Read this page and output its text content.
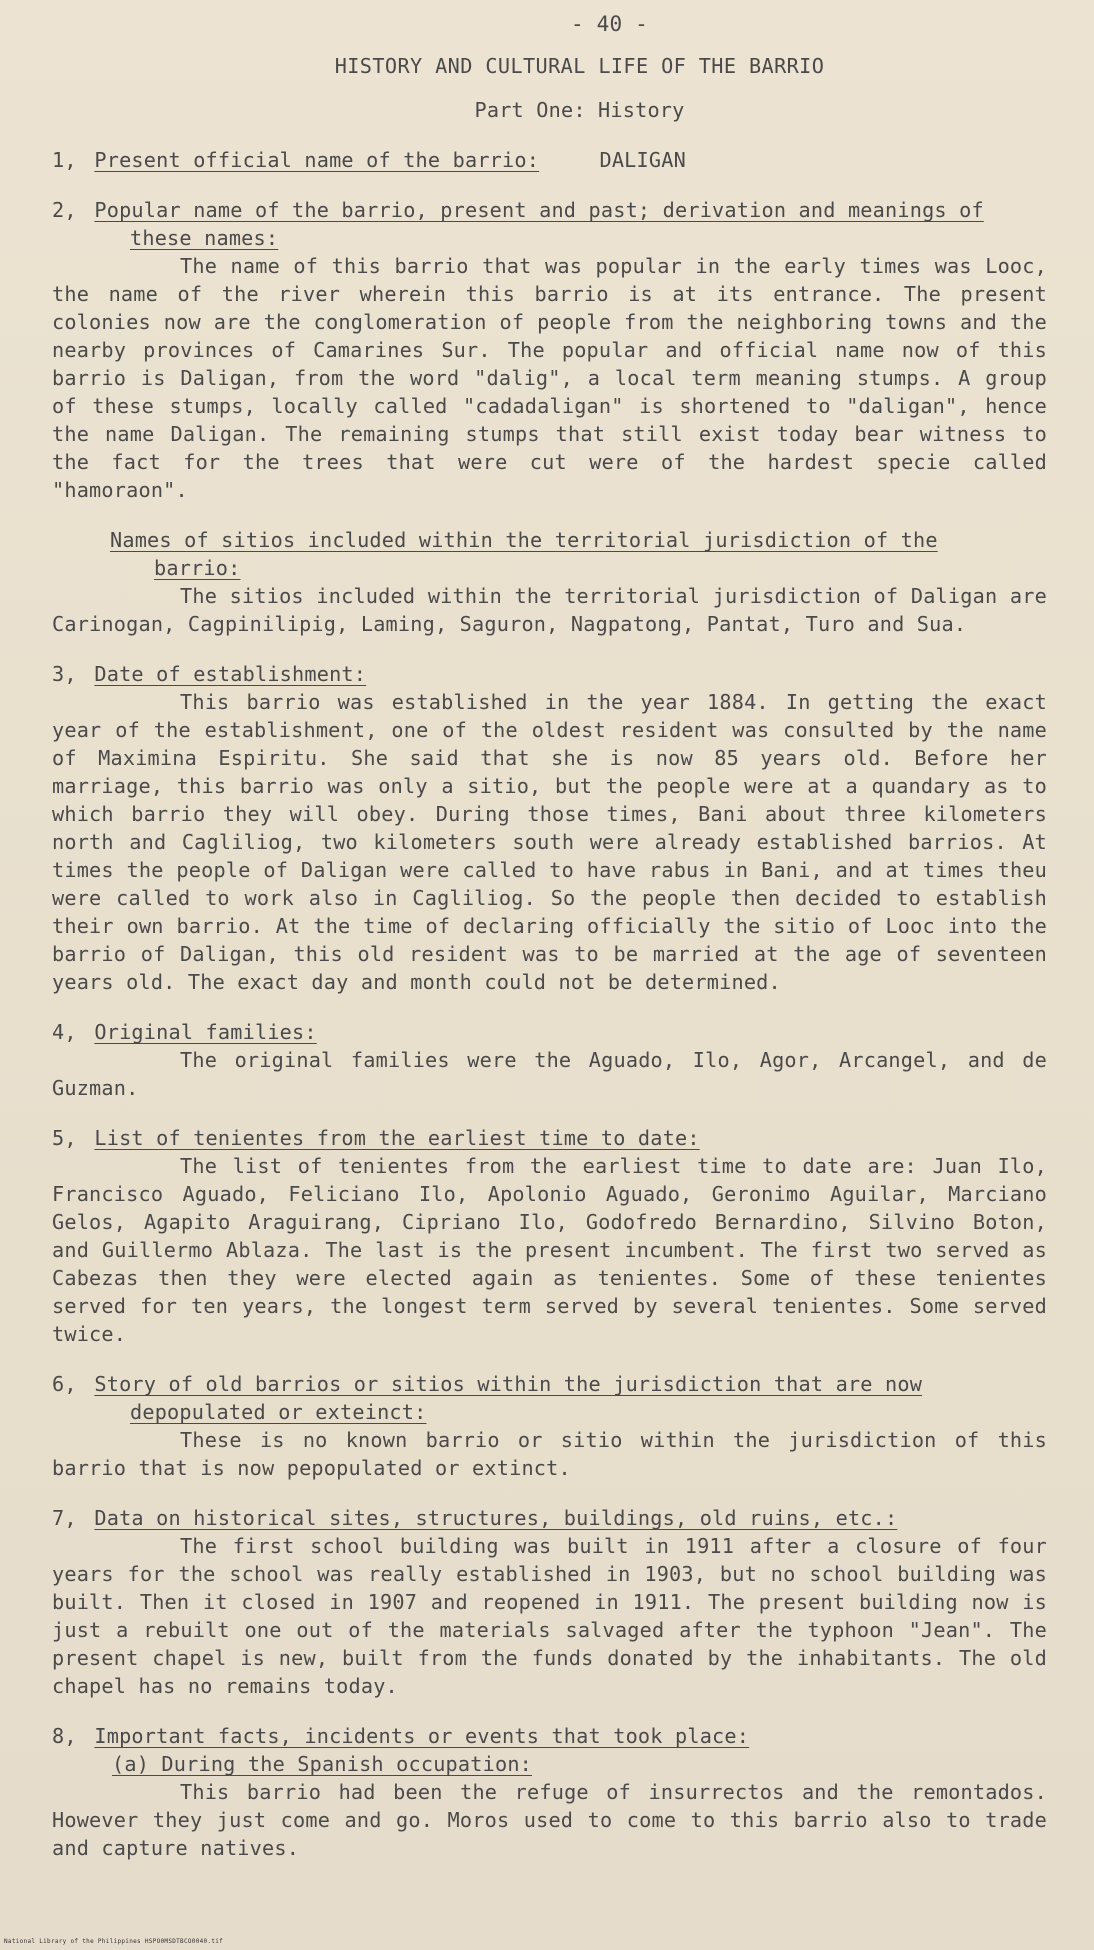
- 40 -
HISTORY AND CULTURAL LIFE OF THE BARRIO
Part One: History
1, Present official name of the barrio:	DALIGAN
2, Popular name of the barrio, present and past; derivation and meanings of
these names:
The name of this barrio that was popular in the early times was Looc, the name of the river wherein this barrio is at its entrance. The present colonies now are the conglomeration of people from the neighboring towns and the nearby provinces of Camarines Sur. The popular and official name now of this barrio is Daligan, from the word "dalig", a local term meaning stumps. A group of these stumps, locally called "cadadaligan" is shortened to "daligan", hence the name Daligan. The remaining stumps that still exist today bear witness to the fact for the trees that were cut were of the hardest specie called "hamoraon".
Names of sitios included within the territorial jurisdiction of the
barrio:
The sitios included within the territorial jurisdiction of Daligan are Carinogan, Cagpinilipig, Laming, Saguron, Nagpatong, Pantat, Turo and Sua.
3, Date of establishment:
This barrio was established in the year 1884. In getting the exact year of the establishment, one of the oldest resident was consulted by the name of Maximina Espiritu. She said that she is now 85 years old. Before her marriage, this barrio was only a sitio, but the people were at a quandary as to which barrio they will obey. During those times, Bani about three kilometers north and Cagliliog, two kilometers south were already established barrios. At times the people of Daligan were called to have rabus in Bani, and at times theu were called to work also in Cagliliog. So the people then decided to establish their own barrio. At the time of declaring officially the sitio of Looc into the barrio of Daligan, this old resident was to be married at the age of seventeen years old. The exact day and month could not be determined.
4, Original families:
The original families were the Aguado, Ilo, Agor, Arcangel, and de Guzman.
5, List of tenientes from the earliest time to date:
The list of tenientes from the earliest time to date are: Juan Ilo, Francisco Aguado, Feliciano Ilo, Apolonio Aguado, Geronimo Aguilar, Marciano Gelos, Agapito Araguirang, Cipriano Ilo, Godofredo Bernardino, Silvino Boton, and Guillermo Ablaza. The last is the present incumbent. The first two served as Cabezas then they were elected again as tenientes. Some of these tenientes served for ten years, the longest term served by several tenientes. Some served twice.
6, Story of old barrios or sitios within the jurisdiction that are now
depopulated or exteinct:
These is no known barrio or sitio within the jurisdiction of this barrio that is now pepopulated or extinct.
7, Data on historical sites, structures, buildings, old ruins, etc.:
The first school building was built in 1911 after a closure of four years for the school was really established in 1903, but no school building was built. Then it closed in 1907 and reopened in 1911. The present building now is just a rebuilt one out of the materials salvaged after the typhoon "Jean". The present chapel is new, built from the funds donated by the inhabitants. The old chapel has no remains today.
8, Important facts, incidents or events that took place:
(a) During the Spanish occupation:
This barrio had been the refuge of insurrectos and the remontados. However they just come and go. Moros used to come to this barrio also to trade and capture natives.
National Library of the Philippines HSPO0MSDTBCO0040.tif
